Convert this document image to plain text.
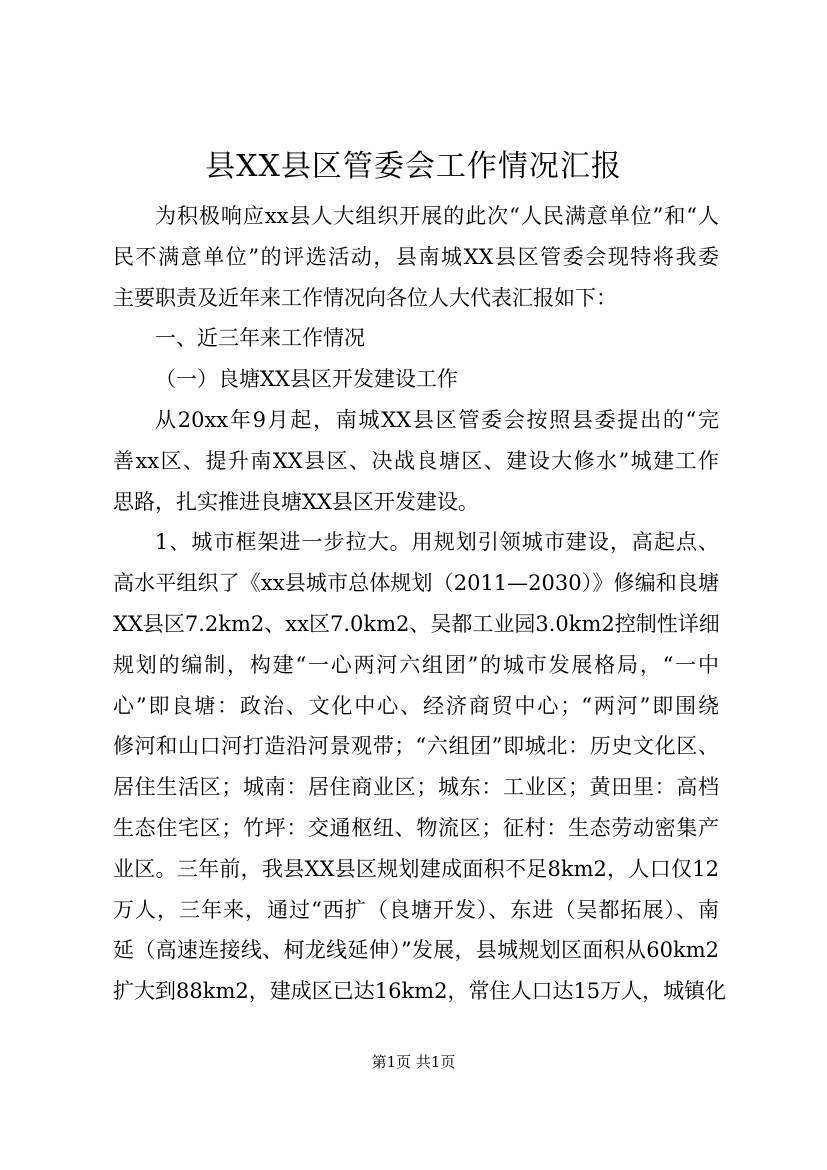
县XX县区管委会工作情况汇报
为积极响应xx县人大组织开展的此次“人民满意单位”和“人
民不满意单位”的评选活动，县南城XX县区管委会现特将我委
主要职责及近年来工作情况向各位人大代表汇报如下：
一、近三年来工作情况
（一）良塘XX县区开发建设工作
从20xx年9月起，南城XX县区管委会按照县委提出的“完
善xx区、提升南XX县区、决战良塘区、建设大修水”城建工作
思路，扎实推进良塘XX县区开发建设。
1、城市框架进一步拉大。用规划引领城市建设，高起点、
高水平组织了《xx县城市总体规划（2011—2030）》修编和良塘
XX县区7.2km2、xx区7.0km2、吴都工业园3.0km2控制性详细
规划的编制，构建“一心两河六组团”的城市发展格局，“一中
心”即良塘：政治、文化中心、经济商贸中心；“两河”即围绕
修河和山口河打造沿河景观带；“六组团”即城北：历史文化区、
居住生活区；城南：居住商业区；城东：工业区；黄田里：高档
生态住宅区；竹坪：交通枢纽、物流区；征村：生态劳动密集产
业区。三年前，我县XX县区规划建成面积不足8km2，人口仅12
万人，三年来，通过“西扩（良塘开发）、东进（吴都拓展）、南
延（高速连接线、柯龙线延伸）”发展，县城规划区面积从60km2
扩大到88km2，建成区已达16km2，常住人口达15万人，城镇化
第1页 共1页
